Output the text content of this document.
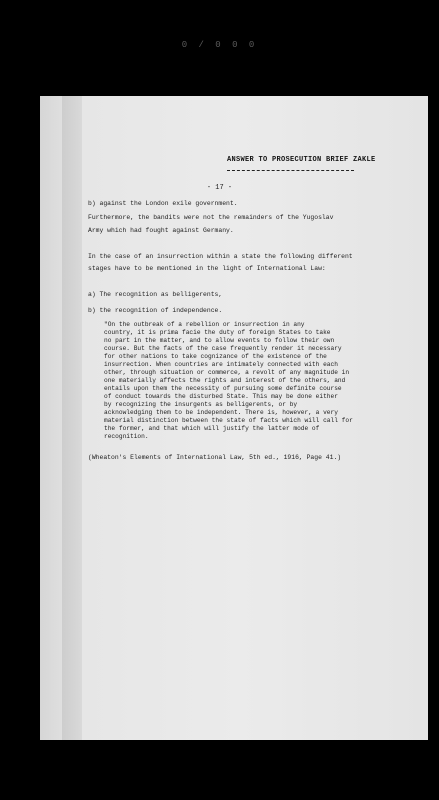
0 / 0 0 0
ANSWER TO PROSECUTION BRIEF ZAKLE
- 17 -
b) against the London exile government.
Furthermore, the bandits were not the remainders of the Yugoslav
Army which had fought against Germany.
In the case of an insurrection within a state the following different
stages have to be mentioned in the light of International Law:
a) The recognition as belligerents,
b) the recognition of independence.
"On the outbreak of a rebellion or insurrection in any
country, it is prima facie the duty of foreign States to take
no part in the matter, and to allow events to follow their own
course. But the facts of the case frequently render it necessary
for other nations to take cognizance of the existence of the
insurrection. When countries are intimately connected with each
other, through situation or commerce, a revolt of any magnitude in
one materially affects the rights and interest of the others, and
entails upon them the necessity of pursuing some definite course
of conduct towards the disturbed State. This may be done either
by recognizing the insurgents as belligerents, or by
acknowledging them to be independent. There is, however, a very
material distinction between the state of facts which will call for
the former, and that which will justify the latter mode of
recognition.
(Wheaton's Elements of International Law, 5th ed., 1916, Page 41.)
